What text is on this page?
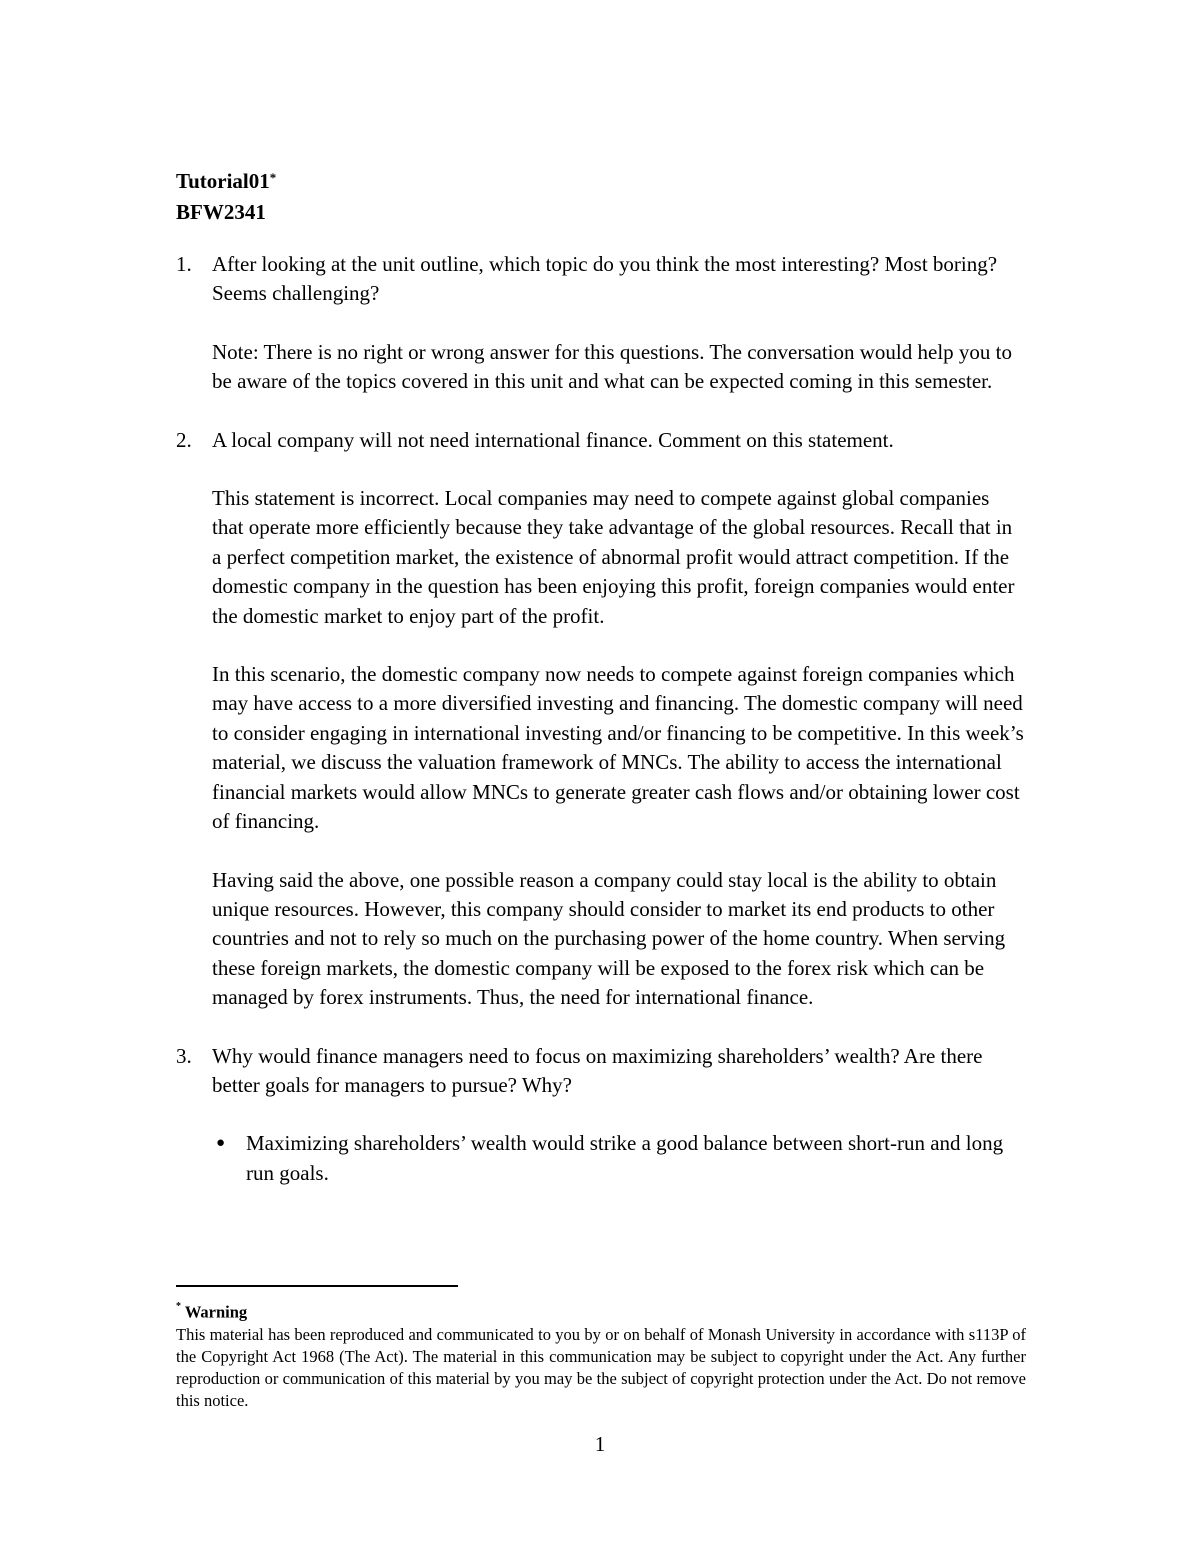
Tutorial01*
BFW2341
1. After looking at the unit outline, which topic do you think the most interesting? Most boring? Seems challenging?

Note: There is no right or wrong answer for this questions. The conversation would help you to be aware of the topics covered in this unit and what can be expected coming in this semester.

2. A local company will not need international finance. Comment on this statement.

This statement is incorrect. Local companies may need to compete against global companies that operate more efficiently because they take advantage of the global resources. Recall that in a perfect competition market, the existence of abnormal profit would attract competition. If the domestic company in the question has been enjoying this profit, foreign companies would enter the domestic market to enjoy part of the profit.

In this scenario, the domestic company now needs to compete against foreign companies which may have access to a more diversified investing and financing. The domestic company will need to consider engaging in international investing and/or financing to be competitive. In this week’s material, we discuss the valuation framework of MNCs. The ability to access the international financial markets would allow MNCs to generate greater cash flows and/or obtaining lower cost of financing.

Having said the above, one possible reason a company could stay local is the ability to obtain unique resources. However, this company should consider to market its end products to other countries and not to rely so much on the purchasing power of the home country. When serving these foreign markets, the domestic company will be exposed to the forex risk which can be managed by forex instruments. Thus, the need for international finance.

3. Why would finance managers need to focus on maximizing shareholders’ wealth? Are there better goals for managers to pursue? Why?

● Maximizing shareholders’ wealth would strike a good balance between short-run and long run goals.

* Warning
This material has been reproduced and communicated to you by or on behalf of Monash University in accordance with s113P of the Copyright Act 1968 (The Act). The material in this communication may be subject to copyright under the Act. Any further reproduction or communication of this material by you may be the subject of copyright protection under the Act. Do not remove this notice.
1
